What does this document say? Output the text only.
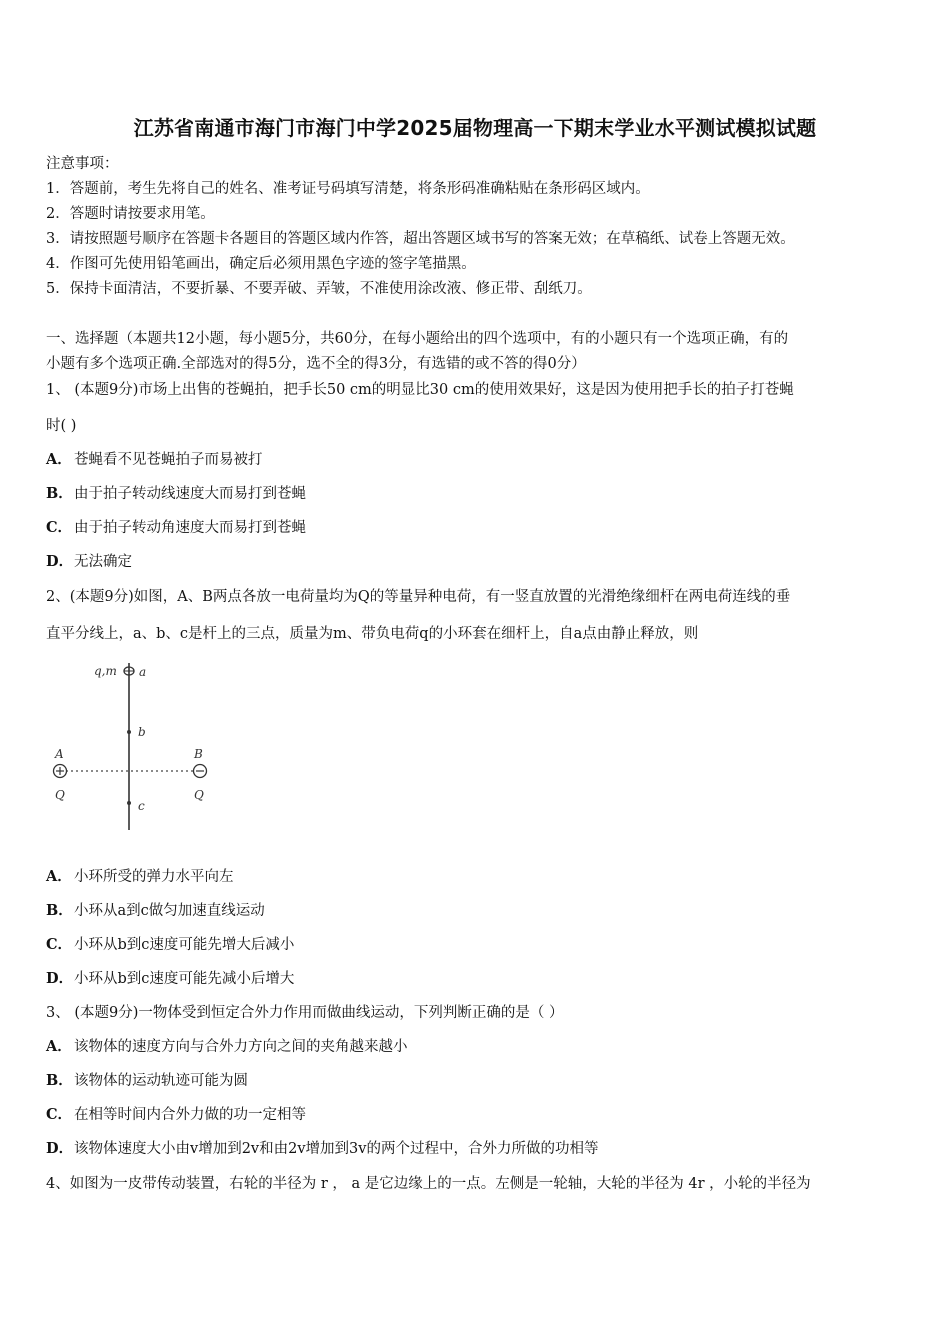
江苏省南通市海门市海门中学2025届物理高一下期末学业水平测试模拟试题
注意事项：
1．答题前，考生先将自己的姓名、准考证号码填写清楚，将条形码准确粘贴在条形码区域内。
2．答题时请按要求用笔。
3．请按照题号顺序在答题卡各题目的答题区域内作答，超出答题区域书写的答案无效；在草稿纸、试卷上答题无效。
4．作图可先使用铅笔画出，确定后必须用黑色字迹的签字笔描黑。
5．保持卡面清洁，不要折暴、不要弄破、弄皱，不准使用涂改液、修正带、刮纸刀。
一、选择题（本题共12小题，每小题5分，共60分，在每小题给出的四个选项中，有的小题只有一个选项正确，有的
小题有多个选项正确.全部选对的得5分，选不全的得3分，有选错的或不答的得0分）
1、 (本题9分)市场上出售的苍蝇拍，把手长50 cm的明显比30 cm的使用效果好，这是因为使用把手长的拍子打苍蝇
时( )
A． 苍蝇看不见苍蝇拍子而易被打
B．由于拍子转动线速度大而易打到苍蝇
C． 由于拍子转动角速度大而易打到苍蝇
D．无法确定
2、(本题9分)如图，A、B两点各放一电荷量均为Q的等量异种电荷，有一竖直放置的光滑绝缘细杆在两电荷连线的垂
直平分线上，a、b、c是杆上的三点，质量为m、带负电荷q的小环套在细杆上，自a点由静止释放，则
q,m a
b
c
A	B
Q	Q
A． 小环所受的弹力水平向左
B．小环从a到c做匀加速直线运动
C． 小环从b到c速度可能先增大后减小
D．小环从b到c速度可能先减小后增大
3、 (本题9分)一物体受到恒定合外力作用而做曲线运动，下列判断正确的是（ ）
A． 该物体的速度方向与合外力方向之间的夹角越来越小
B．该物体的运动轨迹可能为圆
C． 在相等时间内合外力做的功一定相等
D．该物体速度大小由v增加到2v和由2v增加到3v的两个过程中，合外力所做的功相等
4、如图为一皮带传动装置，右轮的半径为 r ， a 是它边缘上的一点。左侧是一轮轴，大轮的半径为 4r ，小轮的半径为
